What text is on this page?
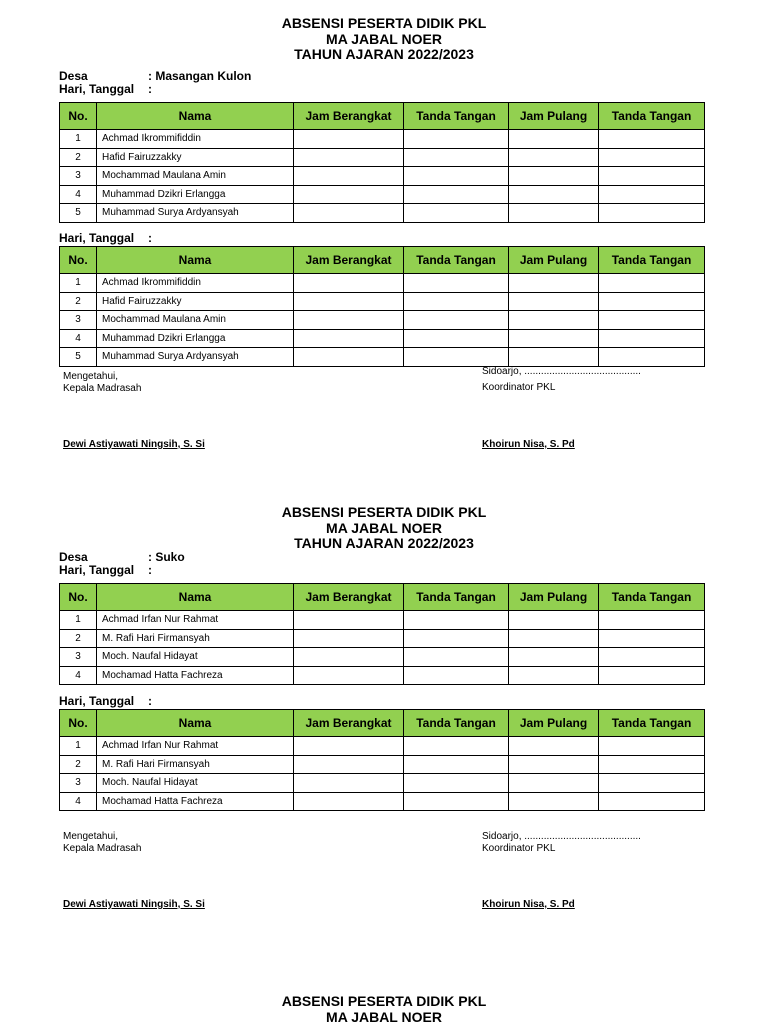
ABSENSI PESERTA DIDIK PKL
MA JABAL NOER
TAHUN AJARAN 2022/2023
Desa	: Masangan Kulon
Hari, Tanggal :
No.	Nama	Jam Berangkat	Tanda Tangan	Jam Pulang	Tanda Tangan
1	Achmad Ikrommifiddin				
2	Hafid Fairuzzakky				
3	Mochammad Maulana Amin				
4	Muhammad Dzikri Erlangga				
5	Muhammad Surya Ardyansyah				
Hari, Tanggal :
No.	Nama	Jam Berangkat	Tanda Tangan	Jam Pulang	Tanda Tangan
1	Achmad Ikrommifiddin				
2	Hafid Fairuzzakky				
3	Mochammad Maulana Amin				
4	Muhammad Dzikri Erlangga				
5	Muhammad Surya Ardyansyah				
Mengetahui,
Kepala Madrasah
Sidoarjo, ..........................................
Koordinator PKL
Dewi Astiyawati Ningsih, S. Si	Khoirun Nisa, S. Pd
ABSENSI PESERTA DIDIK PKL
MA JABAL NOER
TAHUN AJARAN 2022/2023
Desa	: Suko
Hari, Tanggal :
No.	Nama	Jam Berangkat	Tanda Tangan	Jam Pulang	Tanda Tangan
1	Achmad Irfan Nur Rahmat				
2	M. Rafi Hari Firmansyah				
3	Moch. Naufal Hidayat				
4	Mochamad Hatta Fachreza				
Hari, Tanggal :
No.	Nama	Jam Berangkat	Tanda Tangan	Jam Pulang	Tanda Tangan
1	Achmad Irfan Nur Rahmat				
2	M. Rafi Hari Firmansyah				
3	Moch. Naufal Hidayat				
4	Mochamad Hatta Fachreza				
Mengetahui,
Kepala Madrasah
Sidoarjo, ..........................................
Koordinator PKL
Dewi Astiyawati Ningsih, S. Si	Khoirun Nisa, S. Pd
ABSENSI PESERTA DIDIK PKL
MA JABAL NOER
